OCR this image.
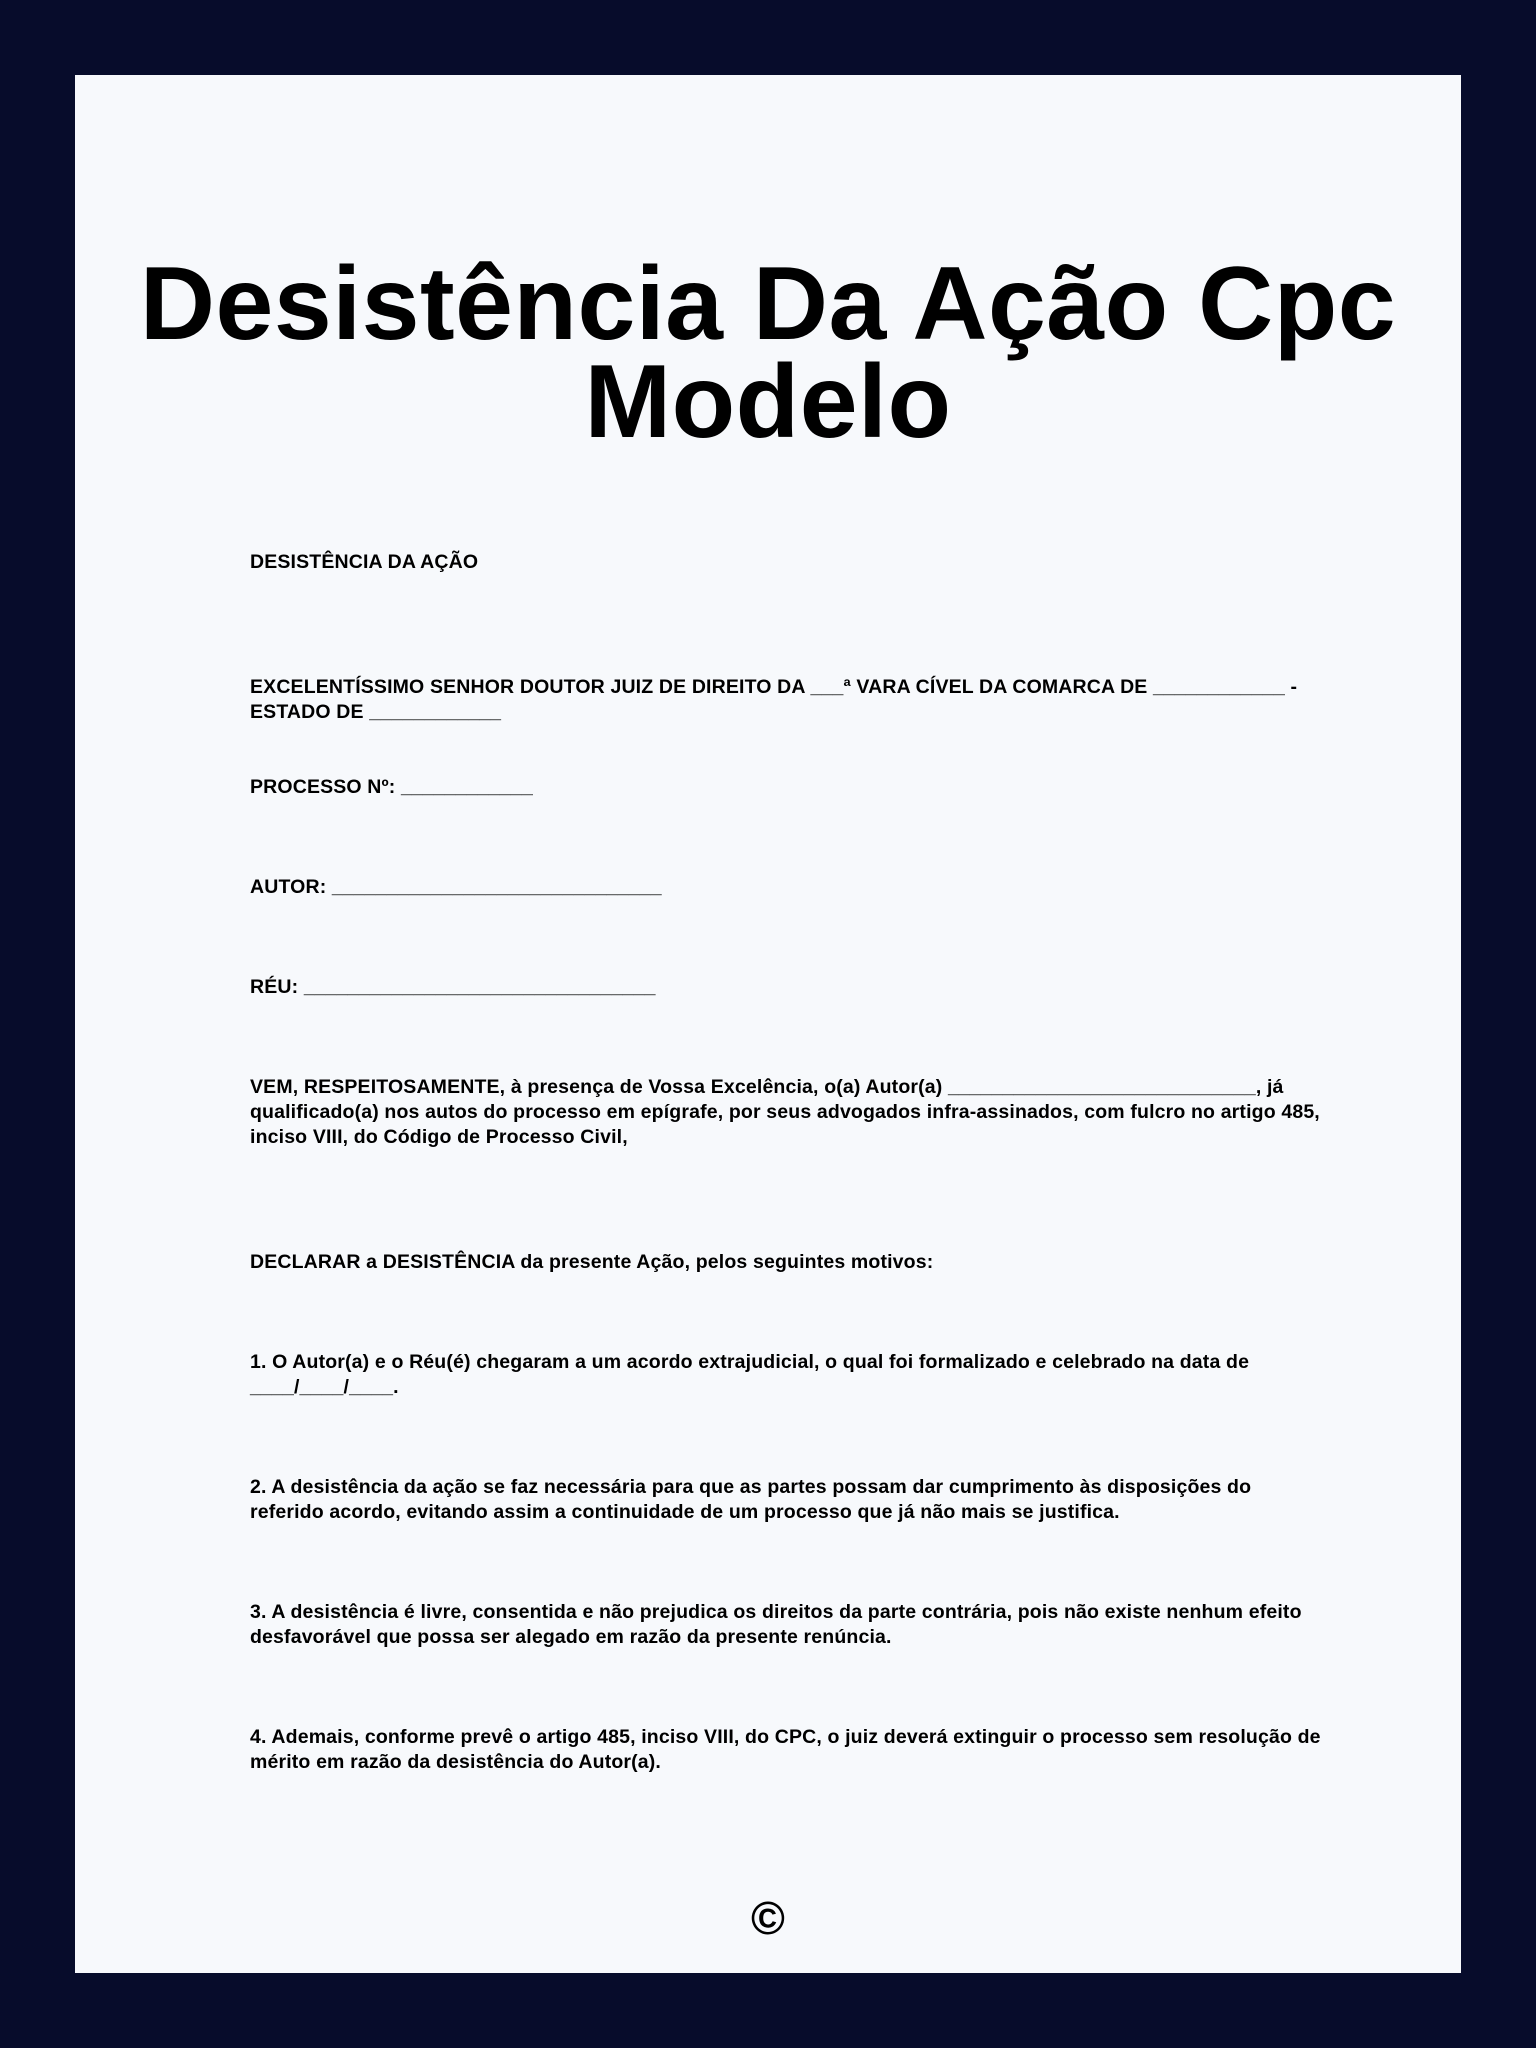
Desistência Da Ação Cpc Modelo

DESISTÊNCIA DA AÇÃO

EXCELENTÍSSIMO SENHOR DOUTOR JUIZ DE DIREITO DA ___ª VARA CÍVEL DA COMARCA DE ____________ - ESTADO DE ____________

PROCESSO Nº: ____________

AUTOR: ______________________________

RÉU: ________________________________

VEM, RESPEITOSAMENTE, à presença de Vossa Excelência, o(a) Autor(a) ____________________________, já qualificado(a) nos autos do processo em epígrafe, por seus advogados infra-assinados, com fulcro no artigo 485, inciso VIII, do Código de Processo Civil,

DECLARAR a DESISTÊNCIA da presente Ação, pelos seguintes motivos:

1. O Autor(a) e o Réu(é) chegaram a um acordo extrajudicial, o qual foi formalizado e celebrado na data de ____/____/____.

2. A desistência da ação se faz necessária para que as partes possam dar cumprimento às disposições do referido acordo, evitando assim a continuidade de um processo que já não mais se justifica.

3. A desistência é livre, consentida e não prejudica os direitos da parte contrária, pois não existe nenhum efeito desfavorável que possa ser alegado em razão da presente renúncia.

4. Ademais, conforme prevê o artigo 485, inciso VIII, do CPC, o juiz deverá extinguir o processo sem resolução de mérito em razão da desistência do Autor(a).

©
